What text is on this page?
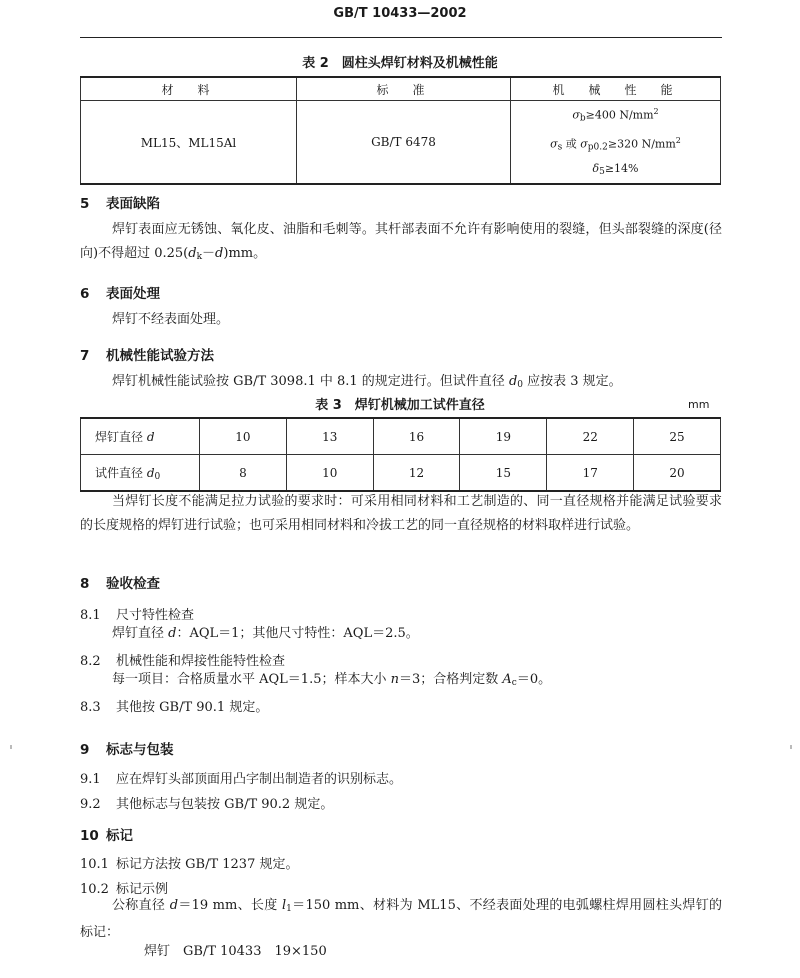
GB/T 10433—2002
表 2　圆柱头焊钉材料及机械性能
材　料	标　准	机　械　性　能
ML15、ML15Al	GB/T 6478	$\sigma_b\ge 400$ $N/mm^2$
$\sigma_s$ 或 $\sigma_{p0.2}\ge 320$ $N/mm^2$
$\delta_5\ge 14\%$
5 表面缺陷
焊钉表面应无锈蚀、氧化皮、油脂和毛刺等。其杆部表面不允许有影响使用的裂缝，但头部裂缝的深度(径向)不得超过 $0.25(d_k-d)mm$。
6 表面处理
焊钉不经表面处理。
7 机械性能试验方法
焊钉机械性能试验按 GB/T 3098.1 中 8.1 的规定进行。但试件直径 $d_0$ 应按表 3 规定。
表 3　焊钉机械加工试件直径	mm
焊钉直径 d	10	13	16	19	22	25
试件直径 $d_0$	8	10	12	15	17	20
当焊钉长度不能满足拉力试验的要求时：可采用相同材料和工艺制造的、同一直径规格并能满足试验要求的长度规格的焊钉进行试验；也可采用相同材料和冷拔工艺的同一直径规格的材料取样进行试验。
8 验收检查
8.1 尺寸特性检查
焊钉直径 d：AQL＝1；其他尺寸特性：AQL＝2.5。
8.2 机械性能和焊接性能特性检查
每一项目：合格质量水平 AQL＝1.5；样本大小 n＝3；合格判定数 $A_c=0$。
8.3 其他按 GB/T 90.1 规定。
9 标志与包装
9.1 应在焊钉头部顶面用凸字制出制造者的识别标志。
9.2 其他标志与包装按 GB/T 90.2 规定。
10 标记
10.1 标记方法按 GB/T 1237 规定。
10.2 标记示例
公称直径 d＝19 mm、长度 $l_1=150$ mm、材料为 ML15、不经表面处理的电弧螺柱焊用圆柱头焊钉的标记：
焊钉　GB/T 10433　19×150
